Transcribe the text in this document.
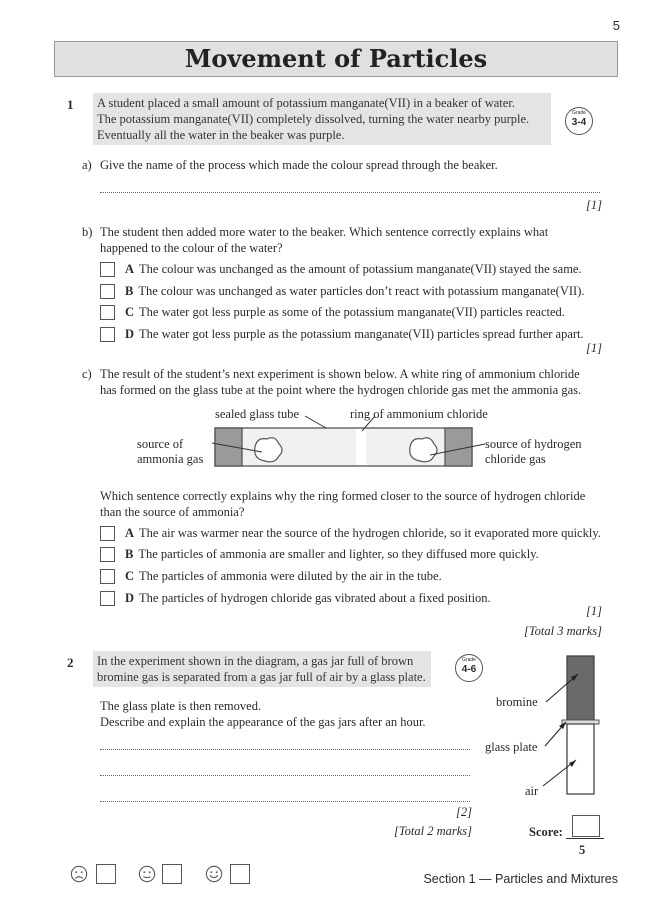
5
Movement of Particles
1 A student placed a small amount of potassium manganate(VII) in a beaker of water.
The potassium manganate(VII) completely dissolved, turning the water nearby purple.
Eventually all the water in the beaker was purple.
Grade
3-4
a) Give the name of the process which made the colour spread through the beaker.
[1]
b) The student then added more water to the beaker. Which sentence correctly explains what
happened to the colour of the water?
A The colour was unchanged as the amount of potassium manganate(VII) stayed the same.
B The colour was unchanged as water particles don’t react with potassium manganate(VII).
C The water got less purple as some of the potassium manganate(VII) particles reacted.
D The water got less purple as the potassium manganate(VII) particles spread further apart.
[1]
c) The result of the student’s next experiment is shown below. A white ring of ammonium chloride
has formed on the glass tube at the point where the hydrogen chloride gas met the ammonia gas.
sealed glass tube	ring of ammonium chloride
source of
ammonia gas
source of hydrogen
chloride gas
Which sentence correctly explains why the ring formed closer to the source of hydrogen chloride
than the source of ammonia?
A The air was warmer near the source of the hydrogen chloride, so it evaporated more quickly.
B The particles of ammonia are smaller and lighter, so they diffused more quickly.
C The particles of ammonia were diluted by the air in the tube.
D The particles of hydrogen chloride gas vibrated about a fixed position.
[1]
[Total 3 marks]
2 In the experiment shown in the diagram, a gas jar full of brown
bromine gas is separated from a gas jar full of air by a glass plate.
Grade
4-6
The glass plate is then removed.
Describe and explain the appearance of the gas jars after an hour.
[2]
[Total 2 marks]
bromine
glass plate
air
Score:
5
Section 1 — Particles and Mixtures
